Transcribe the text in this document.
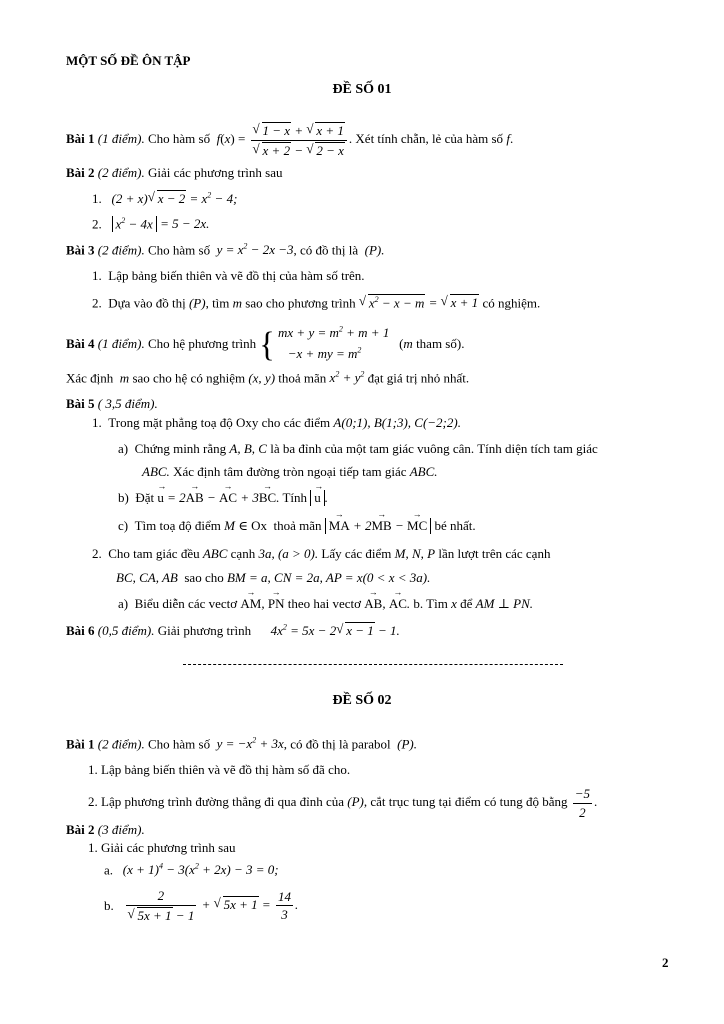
MỘT SỐ ĐỀ ÔN TẬP
ĐỀ SỐ 01
Bài 1 (1 điểm). Cho hàm số  f(x) =
√ 1 − x + √ x + 1
√ x + 2 − √ 2 − x . Xét tính chẵn, lẻ của hàm số f.
Bài 2 (2 điểm). Giải các phương trình sau
1. (2 + x)√ $x - 2 = x^2 - 4$;
2. $x^2 - 4x = 5 - 2x$.
Bài 3 (2 điểm). Cho hàm số  $y = x^2 - 2x -3$, có đồ thị là  (P).
1.  Lập bảng biến thiên và vẽ đồ thị của hàm số trên.
2.  Dựa vào đồ thị (P), tìm m sao cho phương trình √ $x^2 - x - m$ = √ x + 1 có nghiệm.
Bài 4 (1 điểm). Cho hệ phương trình { mx + $y = m^2 + m + 1$
−x + my = $m^2$   (m tham số).
Xác định  m sao cho hệ có nghiệm (x, y) thoả mãn $x^2 + y^2$ đạt giá trị nhỏ nhất.
Bài 5 ( 3,5 điểm).
1.  Trong mặt phẳng toạ độ Oxy cho các điểm A(0;1), B(1;3), C(−2;2).
a)  Chứng minh rằng A, B, C là ba đỉnh của một tam giác vuông cân. Tính diện tích tam giác
ABC. Xác định tâm đường tròn ngoại tiếp tam giác ABC.
b)  Đặt → u = 2→ AB − → AC + 3→ BC. Tính → u .
c)  Tìm toạ độ điểm M ∈ Ox  thoả mãn → MA + 2→ MB − → MC bé nhất.
2.  Cho tam giác đều ABC cạnh 3a, (a > 0). Lấy các điểm M, N, P lần lượt trên các cạnh
BC, CA, AB sao cho BM = a, CN = 2a, AP = x(0 < x < 3a).
a)  Biểu diễn các vectơ → AM, → PN theo hai vectơ → AB, → AC. b. Tìm x để AM ⊥ PN.
Bài 6 (0,5 điểm). Giải phương trình      $4x^2 = 5x - 2√$ x − 1 − 1.
ĐỀ SỐ 02
Bài 1 (2 điểm). Cho hàm số  $y = -x^2 + 3x$, có đồ thị là parabol  (P).
1. Lập bảng biến thiên và vẽ đồ thị hàm số đã cho.
2. Lập phương trình đường thẳng đi qua đỉnh của (P), cắt trục tung tại điểm có tung độ bằng $\frac{-5}{2}$ .
Bài 2 (3 điểm).
1. Giải các phương trình sau
a. $(x + 1)^4 - 3(x^2 + 2x) - 3 = 0$;
b. 2
√ 5x + 1 − 1 + √ $5x + 1 = \frac{14}{3}$ .
2
